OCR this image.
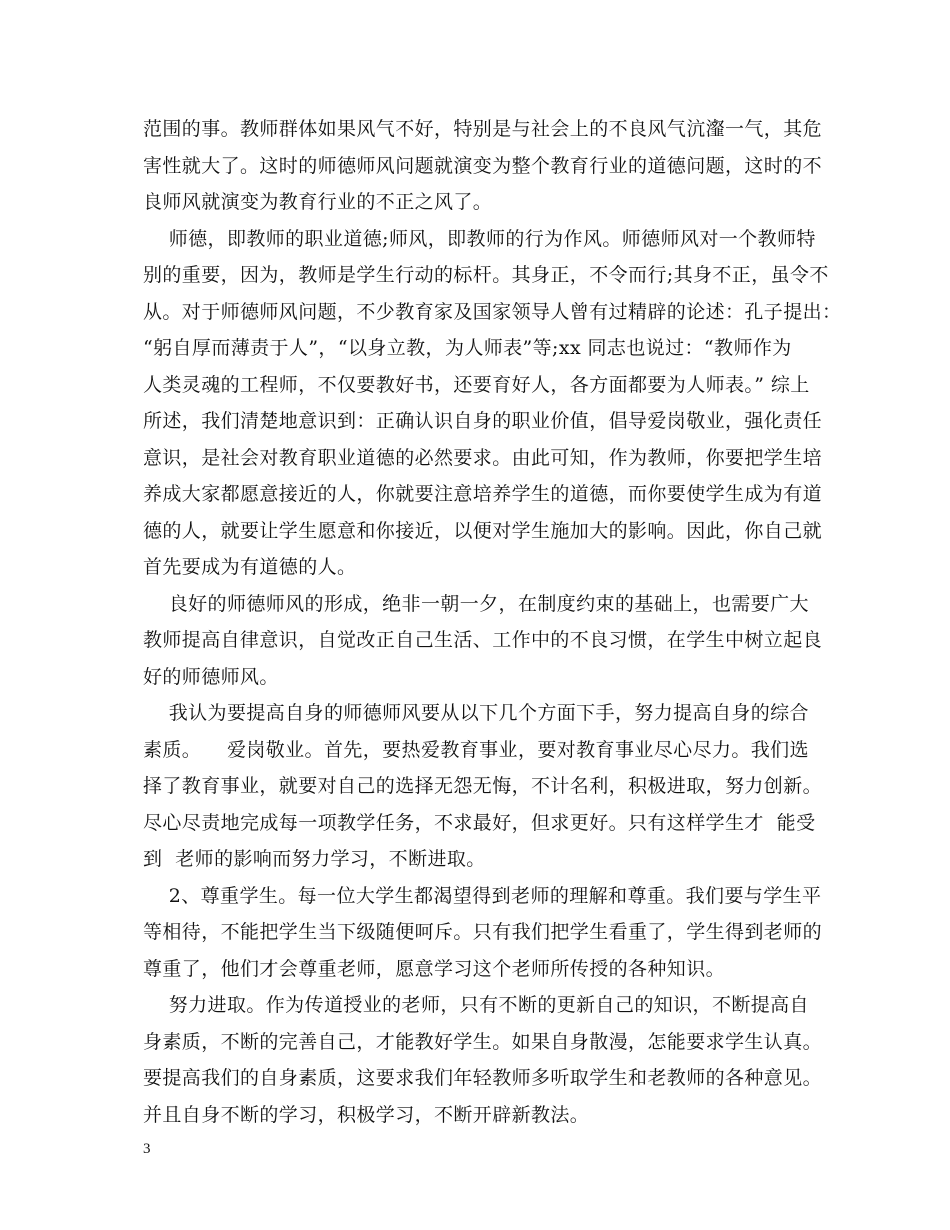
范围的事。教师群体如果风气不好，特别是与社会上的不良风气沆瀣一气，其危
害性就大了。这时的师德师风问题就演变为整个教育行业的道德问题，这时的不
良师风就演变为教育行业的不正之风了。
师德，即教师的职业道德;师风，即教师的行为作风。师德师风对一个教师特
别的重要，因为，教师是学生行动的标杆。其身正，不令而行;其身不正，虽令不
从。对于师德师风问题，不少教育家及国家领导人曾有过精辟的论述：孔子提出：
“躬自厚而薄责于人”，“以身立教，为人师表”等;xx 同志也说过：“教师作为
人类灵魂的工程师，不仅要教好书，还要育好人，各方面都要为人师表。” 综上
所述，我们清楚地意识到：正确认识自身的职业价值，倡导爱岗敬业，强化责任
意识，是社会对教育职业道德的必然要求。由此可知，作为教师，你要把学生培
养成大家都愿意接近的人，你就要注意培养学生的道德，而你要使学生成为有道
德的人，就要让学生愿意和你接近，以便对学生施加大的影响。因此，你自己就
首先要成为有道德的人。
良好的师德师风的形成，绝非一朝一夕，在制度约束的基础上，也需要广大
教师提高自律意识，自觉改正自己生活、工作中的不良习惯，在学生中树立起良
好的师德师风。
我认为要提高自身的师德师风要从以下几个方面下手，努力提高自身的综合
素质。    爱岗敬业。首先，要热爱教育事业，要对教育事业尽心尽力。我们选
择了教育事业，就要对自己的选择无怨无悔，不计名利，积极进取，努力创新。
尽心尽责地完成每一项教学任务，不求最好，但求更好。只有这样学生才  能受
到  老师的影响而努力学习，不断进取。
2、尊重学生。每一位大学生都渴望得到老师的理解和尊重。我们要与学生平
等相待，不能把学生当下级随便呵斥。只有我们把学生看重了，学生得到老师的
尊重了，他们才会尊重老师，愿意学习这个老师所传授的各种知识。
努力进取。作为传道授业的老师，只有不断的更新自己的知识，不断提高自
身素质，不断的完善自己，才能教好学生。如果自身散漫，怎能要求学生认真。
要提高我们的自身素质，这要求我们年轻教师多听取学生和老教师的各种意见。
并且自身不断的学习，积极学习，不断开辟新教法。
3
